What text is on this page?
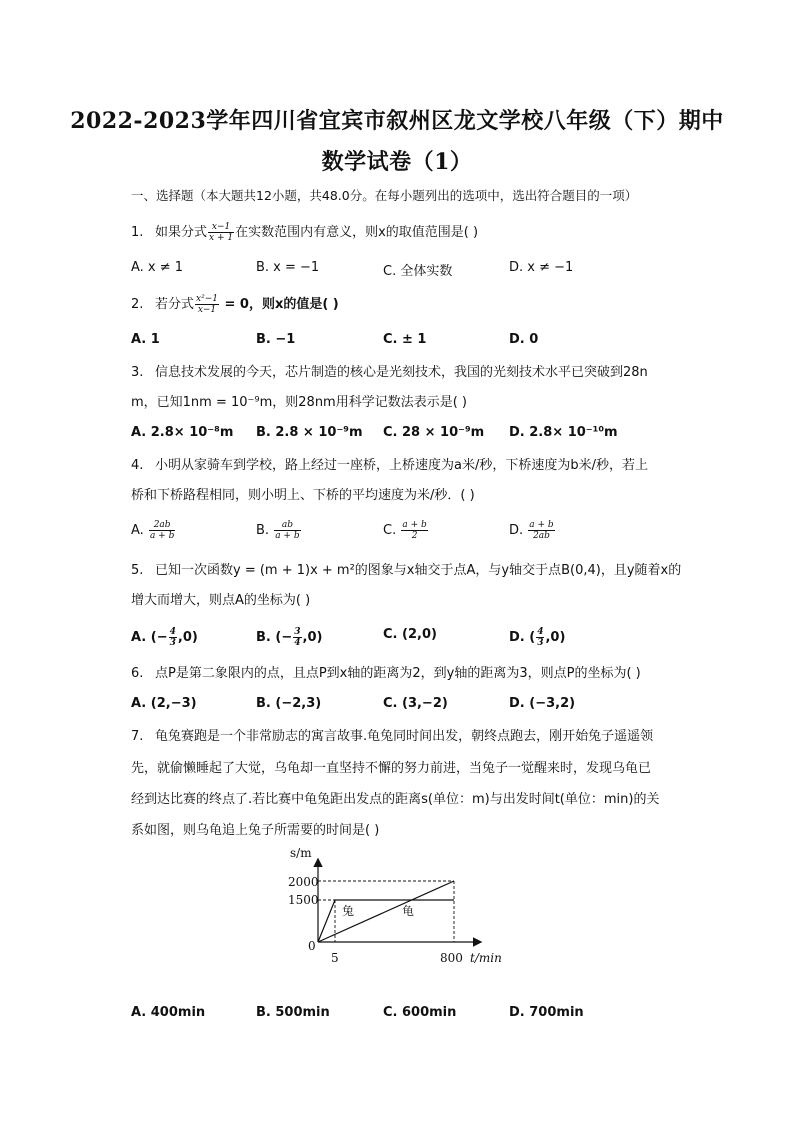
2022-2023学年四川省宜宾市叙州区龙文学校八年级（下）期中
数学试卷（1）
一、选择题（本大题共12小题，共48.0分。在每小题列出的选项中，选出符合题目的一项）
1. 如果分式 $\frac{x-1}{x + 1}$ 在实数范围内有意义，则x的取值范围是( )
A. x ≠ 1	B. x = −1	C. 全体实数	D. x ≠ −1
2. 若分式 $\frac{\text{x²−1}}{x-1} = 0$，则x的值是( )
A. 1	B. −1	C. ± 1	D. 0
3. 信息技术发展的今天，芯片制造的核心是光刻技术，我国的光刻技术水平已突破到28n
m，已知1nm = 10⁻⁹m，则28nm用科学记数法表示是( )
A. 2.8× 10⁻⁸m B. 2.8 × 10⁻⁹m C. 28 × 10⁻⁹m D. 2.8× 10⁻¹⁰m
4. 小明从家骑车到学校，路上经过一座桥，上桥速度为a米/秒，下桥速度为b米/秒，若上
桥和下桥路程相同，则小明上、下桥的平均速度为米/秒．( )
A. $\frac{2ab}{a + b}$	B. $\frac{ab}{a + b}$	C. $\frac{a + b}{2}$	D. $\frac{a + b}{2ab}$
5. 已知一次函数y = (m + 1)x + m²的图象与x轴交于点A，与y轴交于点B(0,4)，且y随着x的
增大而增大，则点A的坐标为( )
A. (− $\frac{4}{3} ,0$)	B. (− $\frac{3}{4} ,0$)	C. (2,0)	D. ( $\frac{4}{3} ,0$)
6. 点P是第二象限内的点，且点P到x轴的距离为2，到y轴的距离为3，则点P的坐标为( )
A. (2,−3)	B. (−2,3)	C. (3,−2)	D. (−3,2)
7. 龟兔赛跑是一个非常励志的寓言故事.龟兔同时间出发，朝终点跑去，刚开始兔子遥遥领
先，就偷懒睡起了大觉，乌龟却一直坚持不懈的努力前进，当兔子一觉醒来时，发现乌龟已
经到达比赛的终点了.若比赛中龟兔距出发点的距离s(单位：m)与出发时间t(单位：min)的关
系如图，则乌龟追上兔子所需要的时间是( )
s/m
2000
1500
0
兔	龟
5	800 t/min
A. 400min	B. 500min	C. 600min	D. 700min
